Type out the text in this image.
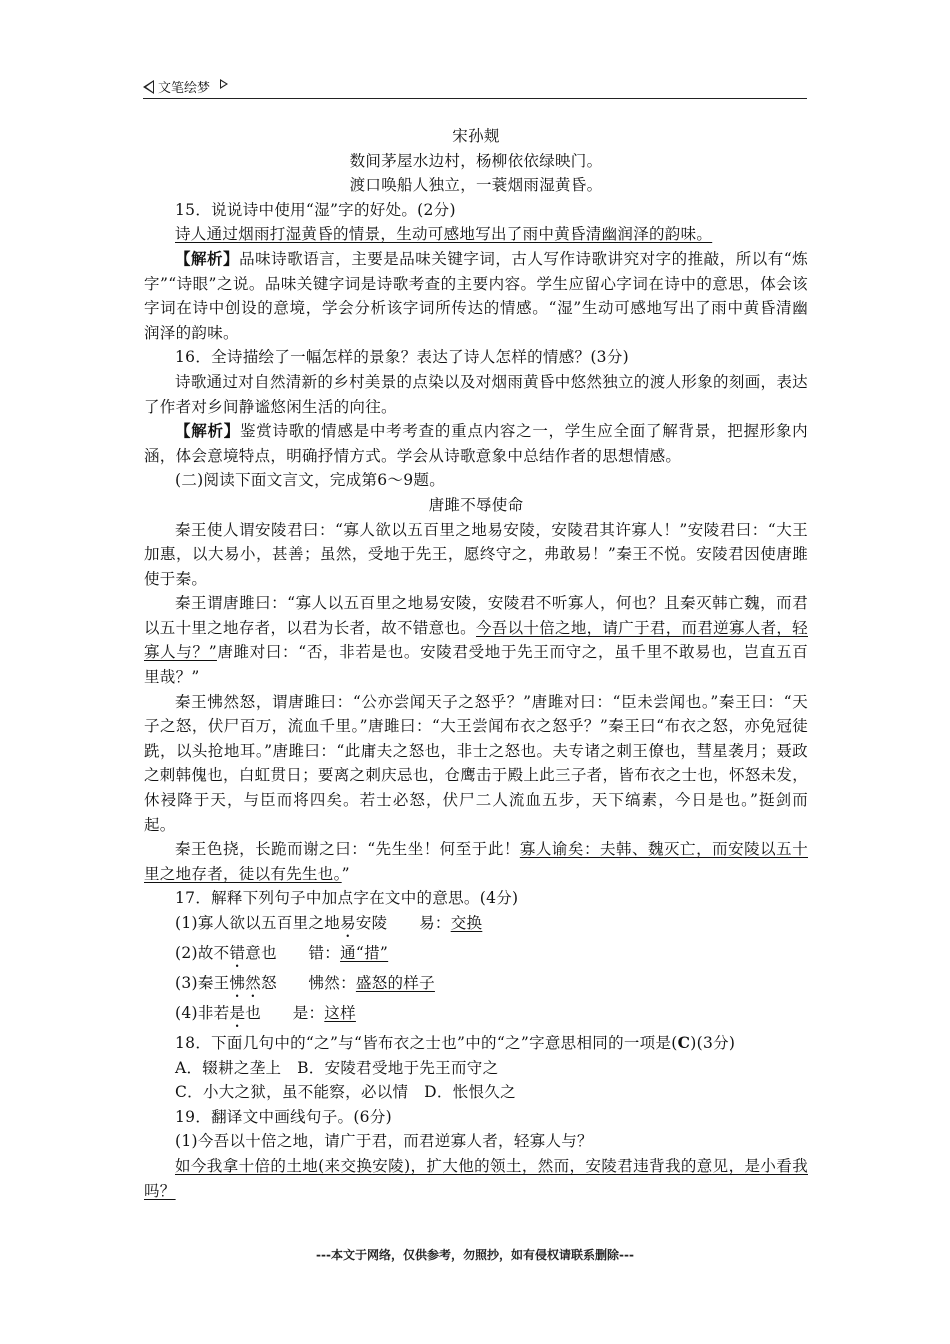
文笔绘梦

宋孙觌

数间茅屋水边村，杨柳依依绿映门。

渡口唤船人独立，一蓑烟雨湿黄昏。

15．说说诗中使用“湿”字的好处。(2分)

诗人通过烟雨打湿黄昏的情景，生动可感地写出了雨中黄昏清幽润泽的韵味。

【解析】品味诗歌语言，主要是品味关键字词，古人写作诗歌讲究对字的推敲，所以有“炼字”“诗眼”之说。品味关键字词是诗歌考查的主要内容。学生应留心字词在诗中的意思，体会该字词在诗中创设的意境，学会分析该字词所传达的情感。“湿”生动可感地写出了雨中黄昏清幽润泽的韵味。

16．全诗描绘了一幅怎样的景象？表达了诗人怎样的情感？(3分)

诗歌通过对自然清新的乡村美景的点染以及对烟雨黄昏中悠然独立的渡人形象的刻画，表达了作者对乡间静谧悠闲生活的向往。

【解析】鉴赏诗歌的情感是中考考查的重点内容之一，学生应全面了解背景，把握形象内涵，体会意境特点，明确抒情方式。学会从诗歌意象中总结作者的思想情感。

(二)阅读下面文言文，完成第6～9题。

唐雎不辱使命

秦王使人谓安陵君曰：“寡人欲以五百里之地易安陵，安陵君其许寡人！”安陵君曰：“大王加惠，以大易小，甚善；虽然，受地于先王，愿终守之，弗敢易！”秦王不悦。安陵君因使唐雎使于秦。

秦王谓唐雎曰：“寡人以五百里之地易安陵，安陵君不听寡人，何也？且秦灭韩亡魏，而君以五十里之地存者，以君为长者，故不错意也。今吾以十倍之地，请广于君，而君逆寡人者，轻寡人与？”唐雎对曰：“否，非若是也。安陵君受地于先王而守之，虽千里不敢易也，岂直五百里哉？”

秦王怫然怒，谓唐雎曰：“公亦尝闻天子之怒乎？”唐雎对曰：“臣未尝闻也。”秦王曰：“天子之怒，伏尸百万，流血千里。”唐雎曰：“大王尝闻布衣之怒乎？”秦王曰“布衣之怒，亦免冠徒跣，以头抢地耳。”唐雎曰：“此庸夫之怒也，非士之怒也。夫专诸之刺王僚也，彗星袭月；聂政之刺韩傀也，白虹贯日；要离之刺庆忌也，仓鹰击于殿上此三子者，皆布衣之士也，怀怒未发，休祲降于天，与臣而将四矣。若士必怒，伏尸二人流血五步，天下缟素，今日是也。”挺剑而起。

秦王色挠，长跪而谢之曰：“先生坐！何至于此！寡人谕矣：夫韩、魏灭亡，而安陵以五十里之地存者，徒以有先生也。”

17．解释下列句子中加点字在文中的意思。(4分)

(1)寡人欲以五百里之地易安陵　　易：交换

(2)故不错意也　　错：通“措”

(3)秦王怫然怒　　怫然：盛怒的样子

(4)非若是也　　是：这样

18．下面几句中的“之”与“皆布衣之士也”中的“之”字意思相同的一项是(C)(3分)

A．辍耕之垄上　B．安陵君受地于先王而守之

C．小大之狱，虽不能察，必以情　D．怅恨久之

19．翻译文中画线句子。(6分)

(1)今吾以十倍之地，请广于君，而君逆寡人者，轻寡人与？

如今我拿十倍的土地(来交换安陵)，扩大他的领土，然而，安陵君违背我的意见，是小看我吗？

---本文于网络，仅供参考，勿照抄，如有侵权请联系删除---
